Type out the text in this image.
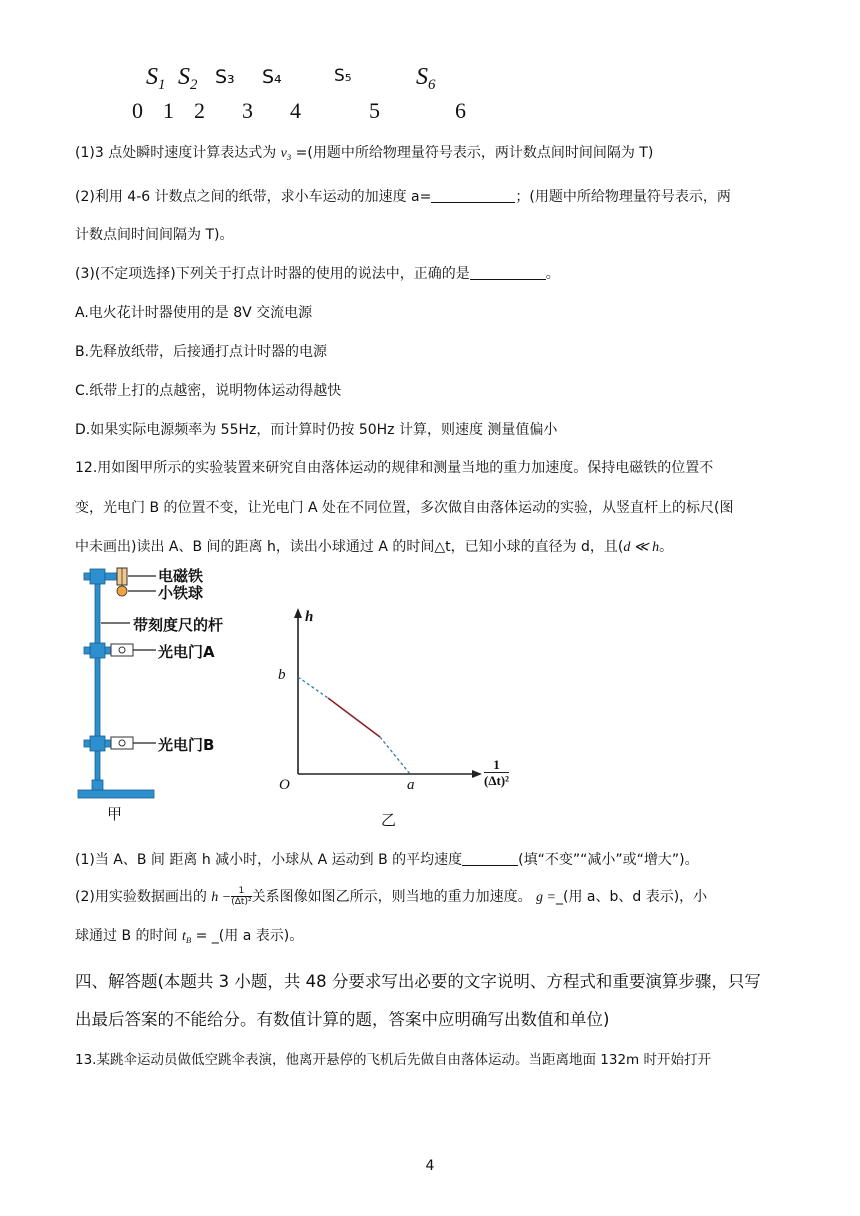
$S_1$ $S_2$ S₃ S₄	S₅	$S_6$
0 1 2 3 4	5	6
(1)3 点处瞬时速度计算表达式为 $v_3$ =(用题中所给物理量符号表示，两计数点间时间间隔为 T)
(2)利用 4-6 计数点之间的纸带，求小车运动的加速度 a=	；(用题中所给物理量符号表示，两
计数点间时间间隔为 T)。
(3)(不定项选择)下列关于打点计时器的使用的说法中，正确的是	。
A.电火花计时器使用的是 8V 交流电源
B.先释放纸带，后接通打点计时器的电源
C.纸带上打的点越密，说明物体运动得越快
D.如果实际电源频率为 55Hz，而计算时仍按 50Hz 计算，则速度 测量值偏小
12.用如图甲所示的实验装置来研究自由落体运动的规律和测量当地的重力加速度。保持电磁铁的位置不
变，光电门 B 的位置不变，让光电门 A 处在不同位置，多次做自由落体运动的实验，从竖直杆上的标尺(图
中未画出)读出 A、B 间的距离 h，读出小球通过 A 的时间△t，已知小球的直径为 d，且(d ≪ h。
电磁铁
小铁球
带刻度尺的杆
光电门A
光电门B
甲
h
b
O	a
1
(Δt)²
乙
(1)当 A、B 间 距离 h 减小时，小球从 A 运动到 B 的平均速度	(填“不变”“减小”或“增大”)。
(2)用实验数据画出的 $h - \frac{1}{\text{(Δt)²}}$ 关系图像如图乙所示，则当地的重力加速度。 g =_(用 a、b、d 表示)，小
球通过 B 的时间 $t_B$ = _(用 a 表示)。
四、解答题(本题共 3 小题，共 48 分要求写出必要的文字说明、方程式和重要演算步骤，只写
出最后答案的不能给分。有数值计算的题，答案中应明确写出数值和单位)
13.某跳伞运动员做低空跳伞表演，他离开悬停的飞机后先做自由落体运动。当距离地面 132m 时开始打开
4
